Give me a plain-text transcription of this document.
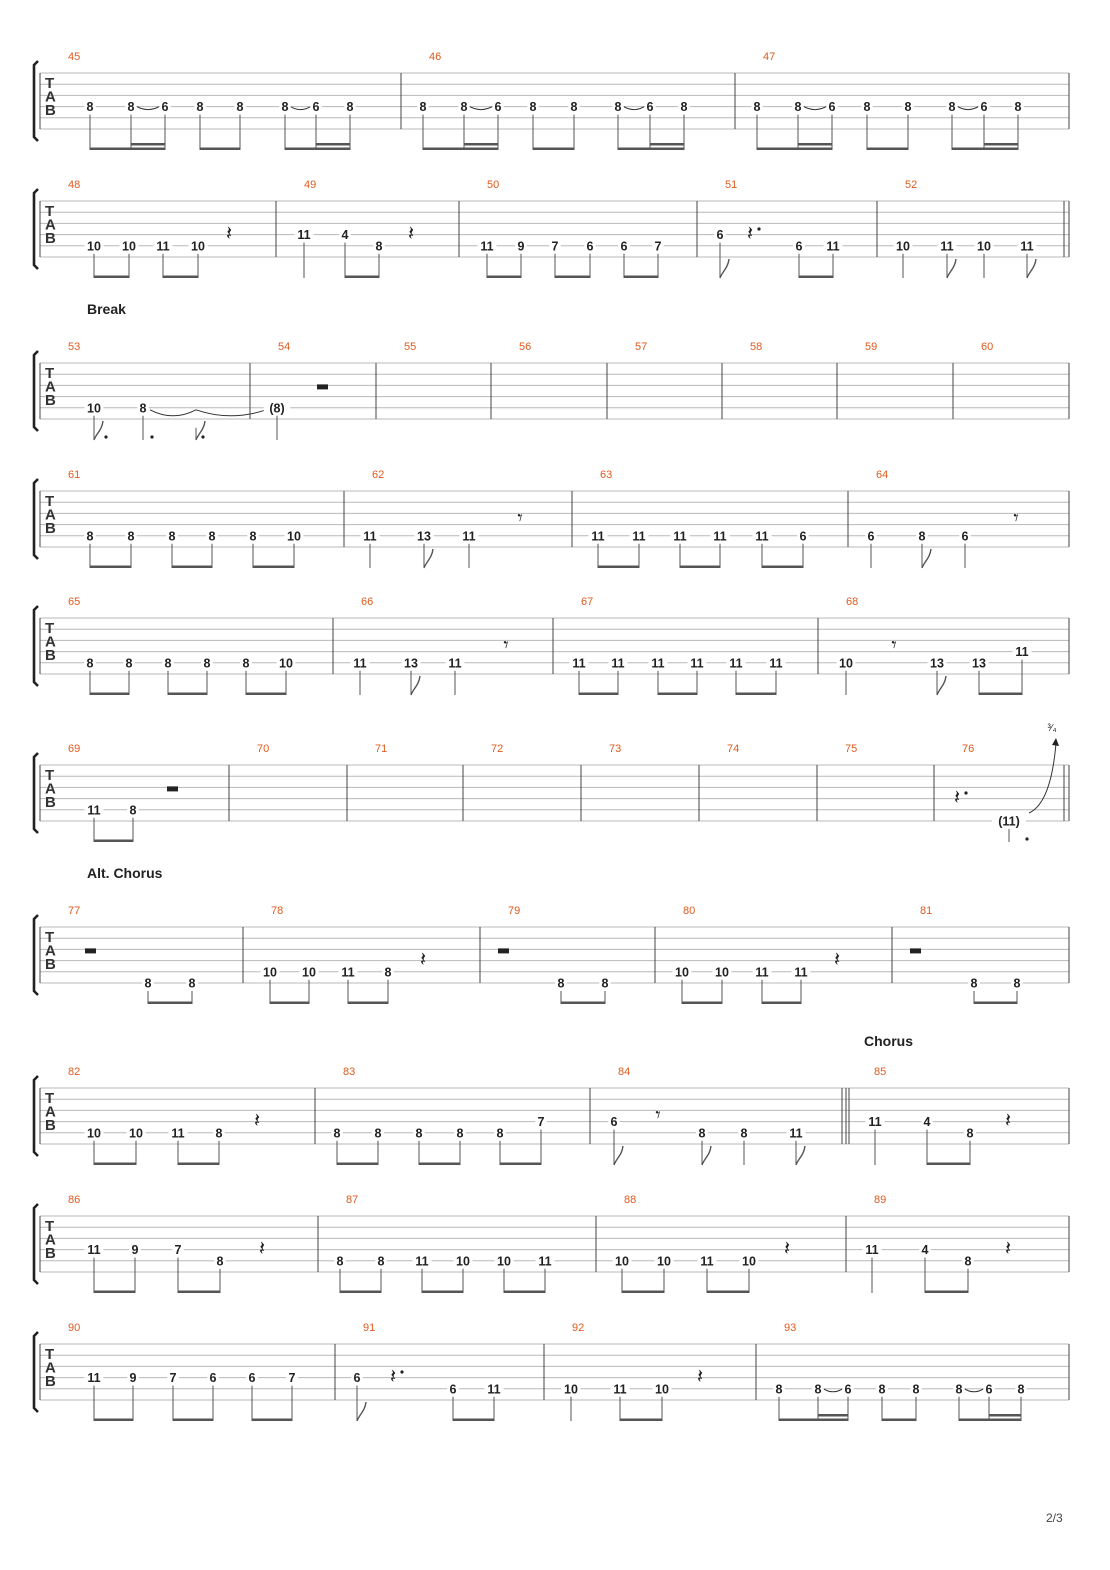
T
A
B
45
8	8 6 8	8	8 6 8
46
8	8 6 8	8	8 6 8
47
8	8 6 8	8	8 6 8
T
A
B
48
10 10 11 10
𝄽
49
11 4
8
𝄽
50
11 9 7 6 6 7
51
6
6 11
𝄽
52
10 11 10 11
Break
T
A
B
53
10	8
54
(8)
55	56	57	58	59	60
T
A
B
61
8	8	8	8	8 10
62
11	13	11
𝄾
63
11 11 11 11 11 6
64
6	8	6
𝄾
T
A
B
65
8	8	8	8	8 10
66
11	13 11
𝄾
67
11 11 11 11 11 11
68
10	13 13
11
𝄾
T
A
B
69
11 8
70	71	72	73	74	75	76
(11)
𝄽
³⁄₄
Alt. Chorus
T
A
B
77
8	8
78
10 10 11 8
𝄽
79
8	8
80
10 10 11 11
𝄽
81
8	8
T
A
B
82
10 10 11 8
𝄽
83
8	8	8	8	8
7
84
6
8	8	11
𝄾
85
Chorus
11	4
8
𝄽
T
A
B
86
11 9	7
8
𝄽
87
8	8 11 10 10 11
88
10 10 11 10
𝄽
89
11	4
8
𝄽
T
A
B
90
11 9	7	6	6	7
91
6
6 11
𝄽
92
10	11 10
𝄽
93
8	8 6 8 8	8 6 8
2/3
